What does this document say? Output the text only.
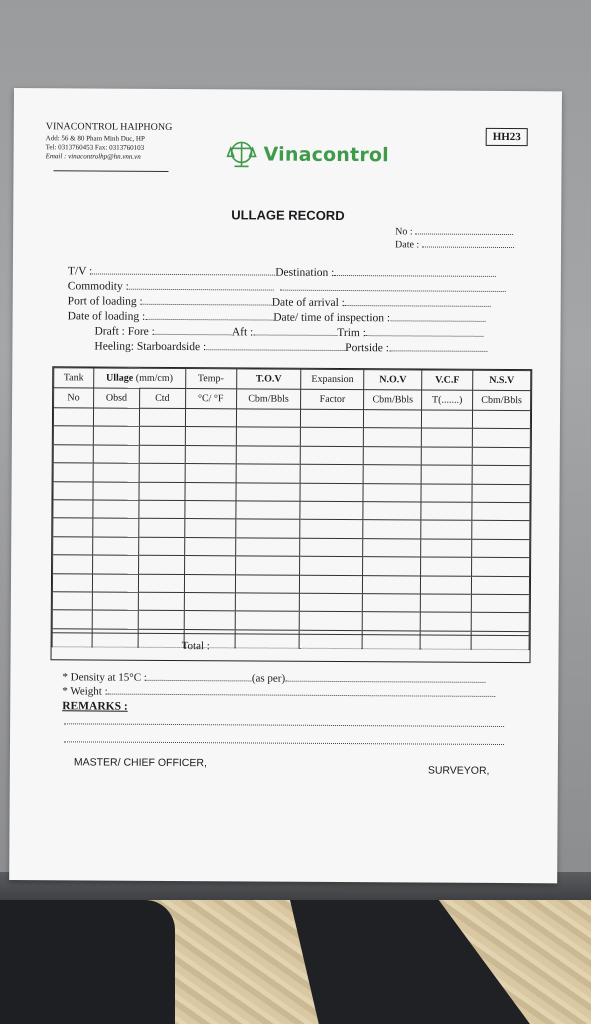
VINACONTROL HAIPHONG
Add: 56 & 80 Pham Minh Duc, HP
Tel: 0313760453 Fax: 0313760103
Email : vinacontrolhp@hn.vnn.vn	Vinacontrol
HH23
ULLAGE RECORD
No :

Date :

T/V :	Destination :
Commodity :
Port of loading :	Date of arrival :
Date of loading :	Date/ time of inspection :
Draft : Fore :	Aft :	Trim :
Heeling: Starboardside :	Portside :
Tank	Ullage (mm/cm)		Temp-	T.O.V	Expansion	N.O.V	V.C.F	N.S.V
No	Obsd	Ctd	°C/ °F	Cbm/Bbls	Factor	Cbm/Bbls	T(.......)	Cbm/Bbls

Total :
* Density at 15°C :	(as per)
* Weight :
REMARKS :
MASTER/ CHIEF OFFICER,
SURVEYOR,
